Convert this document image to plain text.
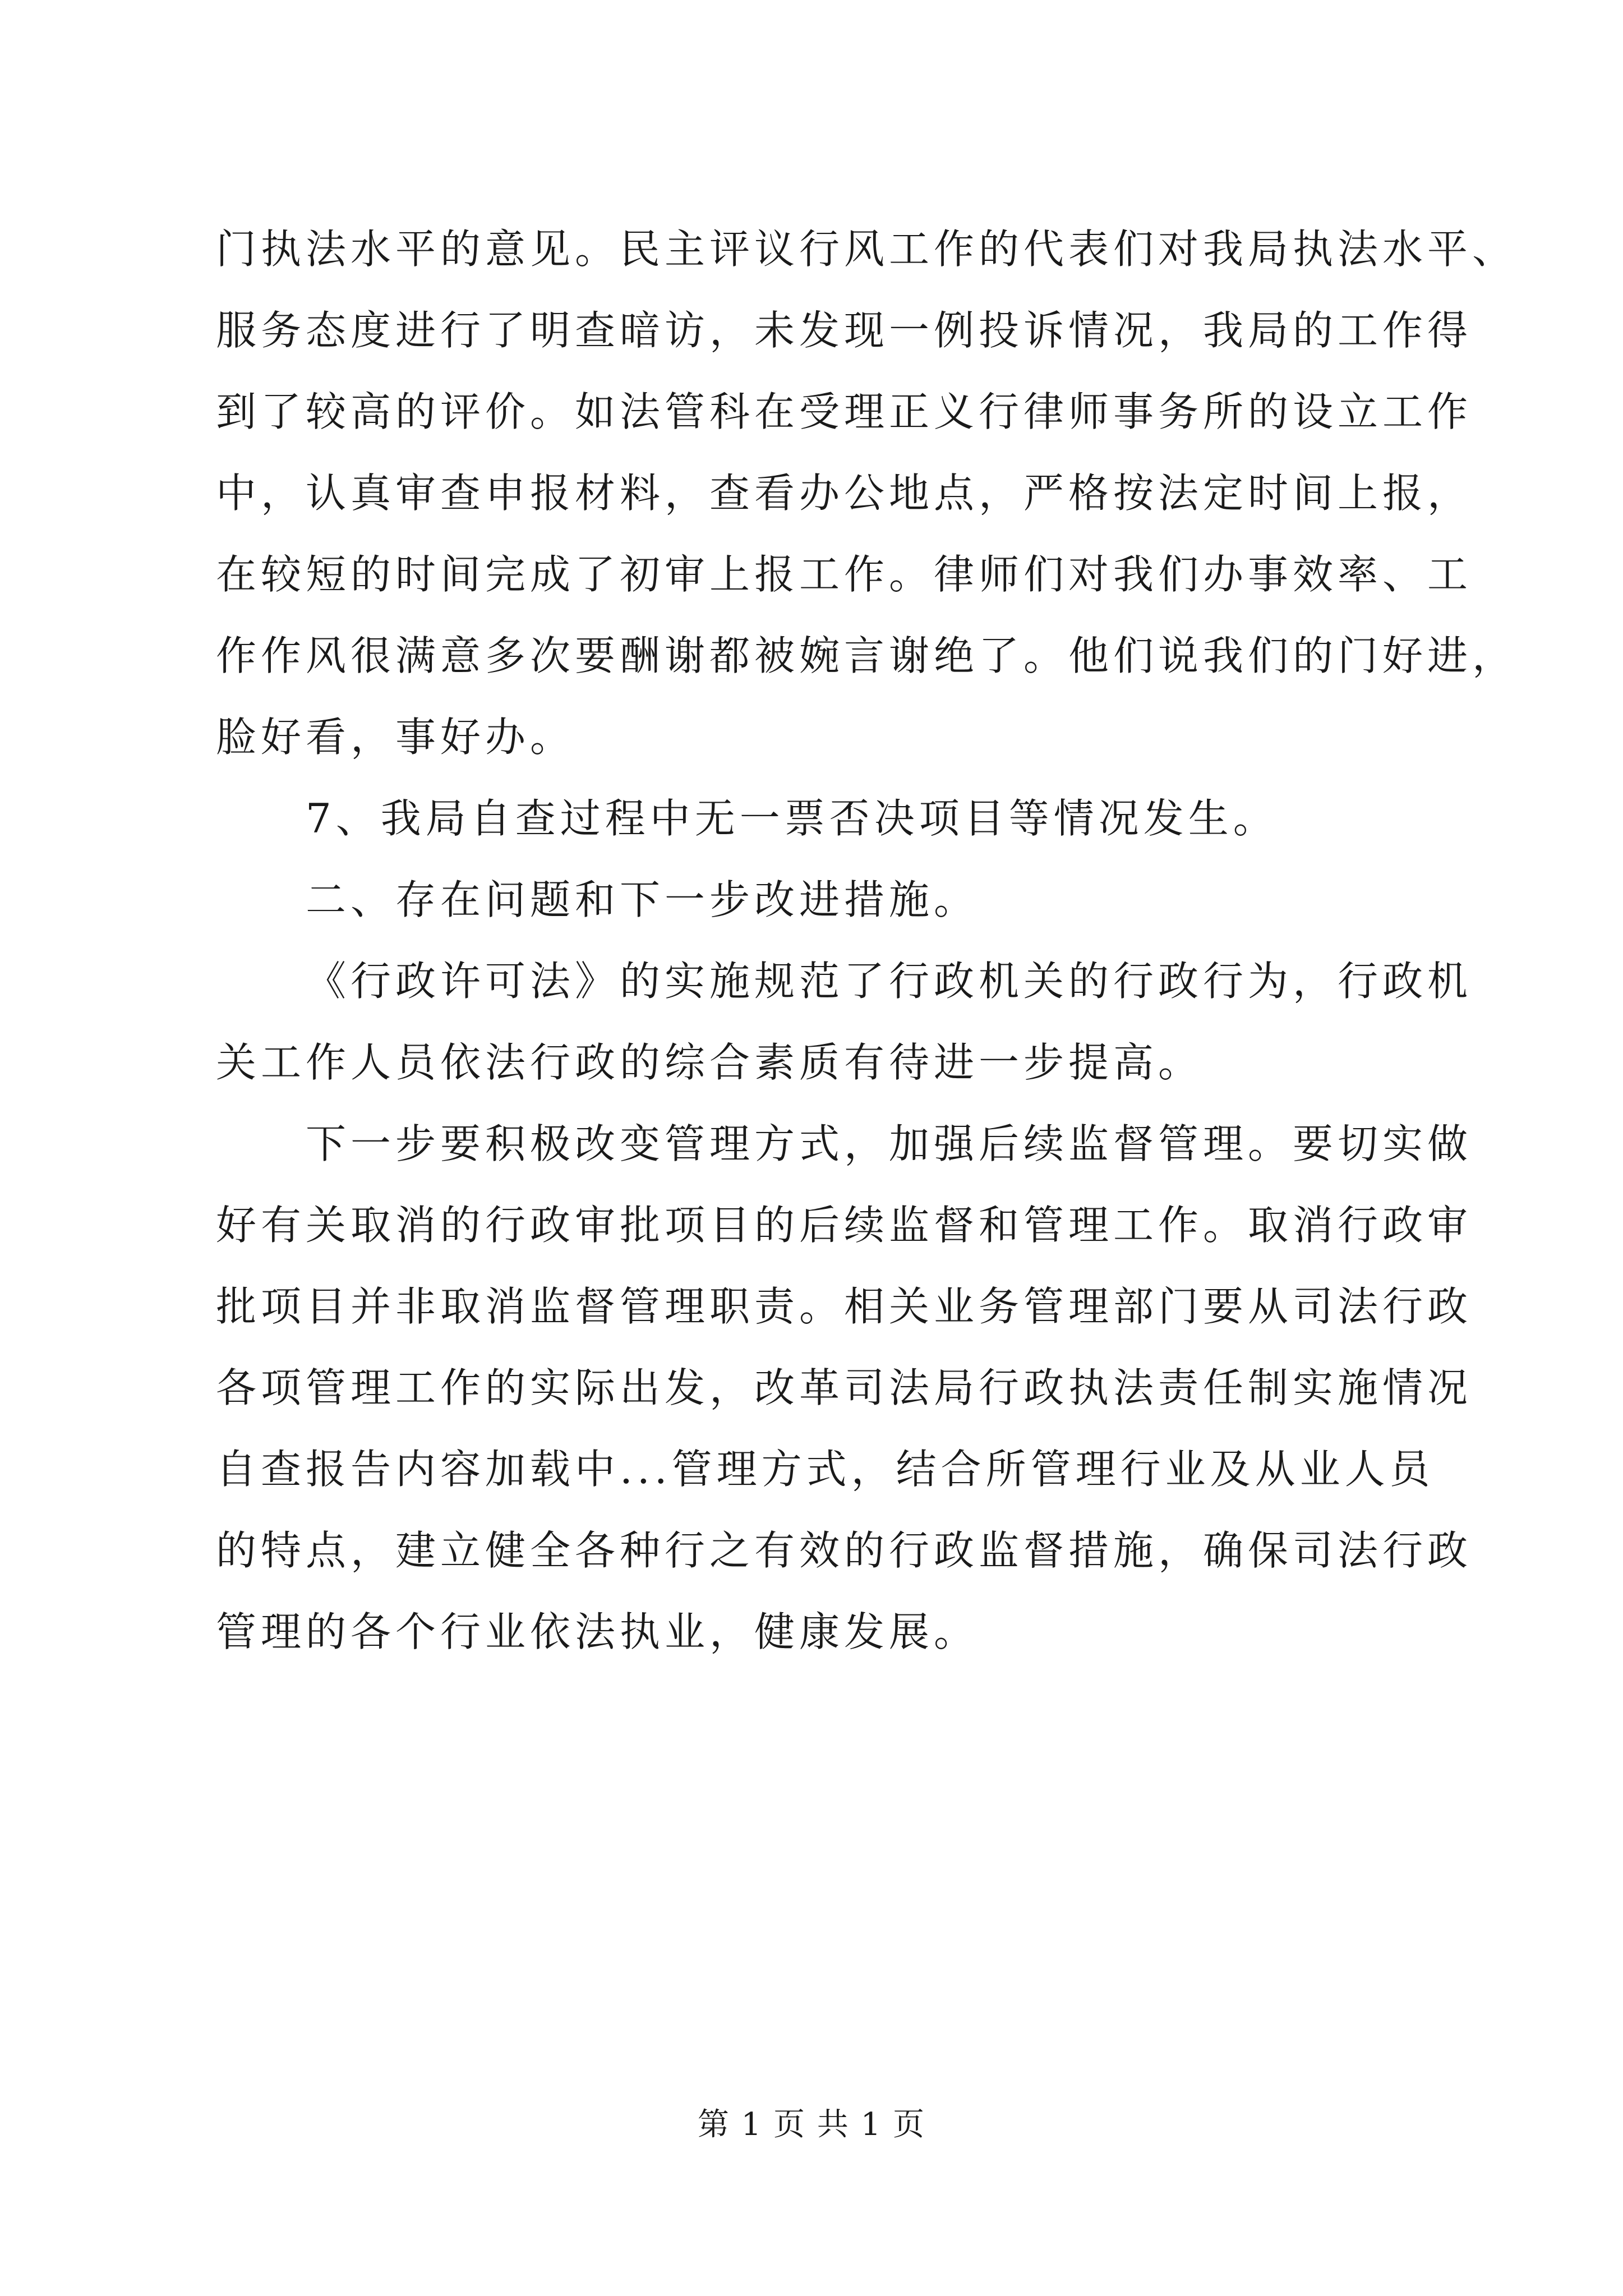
门执法水平的意见。民主评议行风工作的代表们对我局执法水平、
服务态度进行了明查暗访，未发现一例投诉情况，我局的工作得
到了较高的评价。如法管科在受理正义行律师事务所的设立工作
中，认真审查申报材料，查看办公地点，严格按法定时间上报，
在较短的时间完成了初审上报工作。律师们对我们办事效率、工
作作风很满意多次要酬谢都被婉言谢绝了。他们说我们的门好进，
脸好看，事好办。
7、我局自查过程中无一票否决项目等情况发生。
二、存在问题和下一步改进措施。
《行政许可法》的实施规范了行政机关的行政行为，行政机
关工作人员依法行政的综合素质有待进一步提高。
下一步要积极改变管理方式，加强后续监督管理。要切实做
好有关取消的行政审批项目的后续监督和管理工作。取消行政审
批项目并非取消监督管理职责。相关业务管理部门要从司法行政
各项管理工作的实际出发，改革司法局行政执法责任制实施情况
自查报告内容加载中...管理方式，结合所管理行业及从业人员
的特点，建立健全各种行之有效的行政监督措施，确保司法行政
管理的各个行业依法执业，健康发展。
第 1 页 共 1 页
